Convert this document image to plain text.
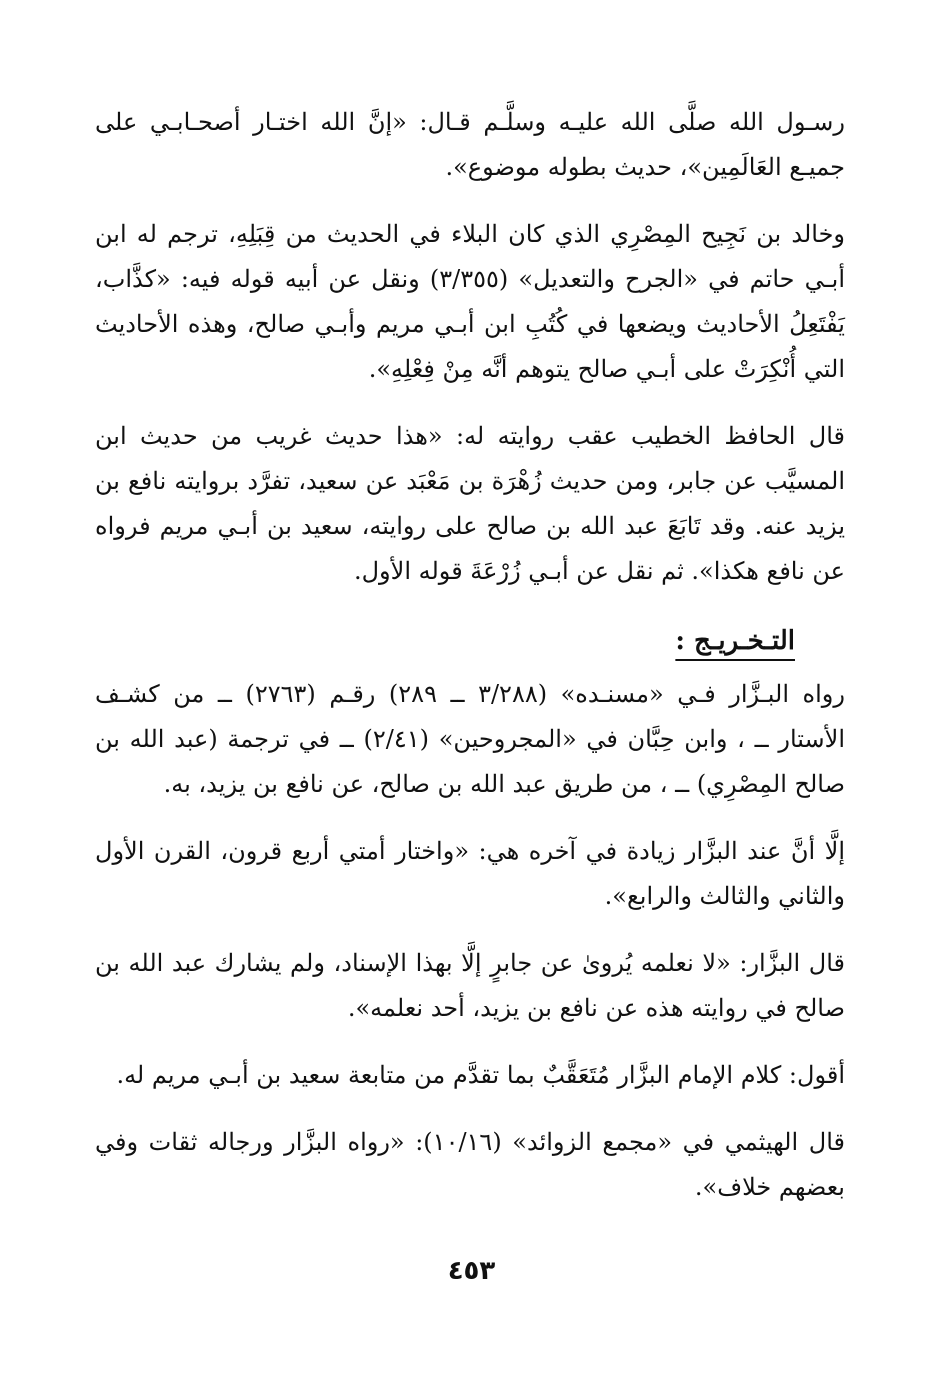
رسـول الله صلَّى الله عليـه وسلَّـم قـال: «إنَّ الله اختـار أصحـابـي على جميـع العَالَمِين»، حديث بطوله موضوع».

وخالد بن نَجِيح المِصْرِي الذي كان البلاء في الحديث من قِبَلِهِ، ترجم له ابن أبـي حاتم في «الجرح والتعديل» (٣/٣٥٥) ونقل عن أبيه قوله فيه: «كذَّاب، يَفْتَعِلُ الأحاديث ويضعها في كُتُبِ ابن أبـي مريم وأبـي صالح، وهذه الأحاديث التي أُنْكِرَتْ على أبـي صالح يتوهم أنَّه مِنْ فِعْلِهِ».

قال الحافظ الخطيب عقب روايته له: «هذا حديث غريب من حديث ابن المسيَّب عن جابر، ومن حديث زُهْرَة بن مَعْبَد عن سعيد، تفرَّد بروايته نافع بن يزيد عنه. وقد تَابَعَ عبد الله بن صالح على روايته، سعيد بن أبـي مريم فرواه عن نافع هكذا». ثم نقل عن أبـي زُرْعَةَ قوله الأول.

التـخـريـج :

رواه البـزَّار فـي «مسنـده» (٣/٢٨٨ ــ ٢٨٩) رقـم (٢٧٦٣) ــ من كشـف الأستار ــ ، وابن حِبَّان في «المجروحين» (٢/٤١) ــ في ترجمة (عبد الله بن صالح المِصْرِي) ــ ، من طريق عبد الله بن صالح، عن نافع بن يزيد، به.

إلَّا أنَّ عند البزَّار زيادة في آخره هي: «واختار أمتي أربع قرون، القرن الأول والثاني والثالث والرابع».

قال البزَّار: «لا نعلمه يُروىٰ عن جابرٍ إلَّا بهذا الإسناد، ولم يشارك عبد الله بن صالح في روايته هذه عن نافع بن يزيد، أحد نعلمه».

أقول: كلام الإمام البزَّار مُتَعَقَّبٌ بما تقدَّم من متابعة سعيد بن أبـي مريم له.

قال الهيثمي في «مجمع الزوائد» (١٠/١٦): «رواه البزَّار ورجاله ثقات وفي بعضهم خلاف».

٤٥٣
